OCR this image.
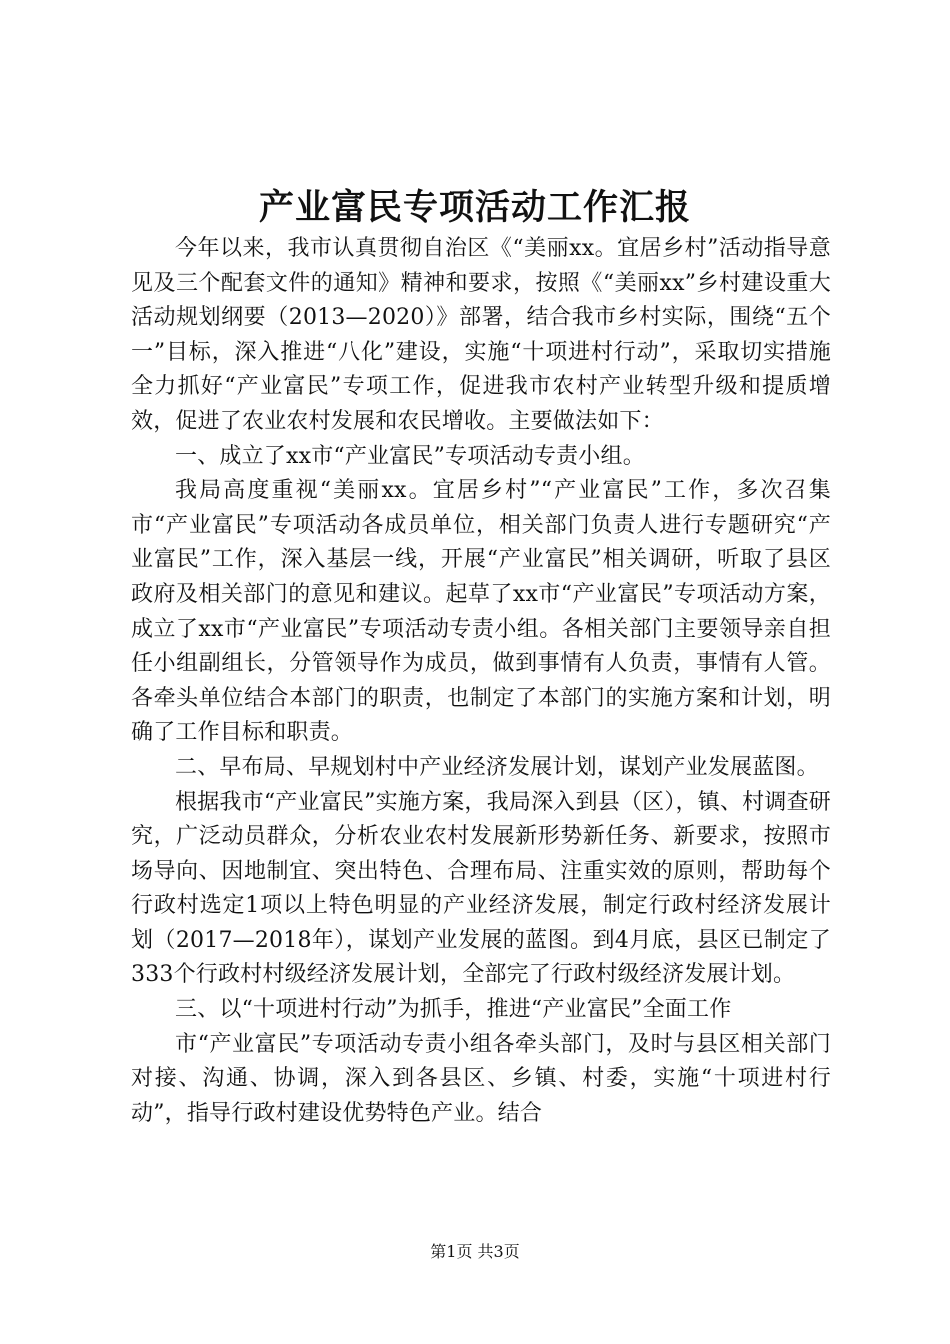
产业富民专项活动工作汇报

今年以来，我市认真贯彻自治区《“美丽xx。宜居乡村”活动指导意见及三个配套文件的通知》精神和要求，按照《“美丽xx”乡村建设重大活动规划纲要（2013—2020）》部署，结合我市乡村实际，围绕“五个一”目标，深入推进“八化”建设，实施“十项进村行动”，采取切实措施全力抓好“产业富民”专项工作，促进我市农村产业转型升级和提质增效，促进了农业农村发展和农民增收。主要做法如下：

一、成立了xx市“产业富民”专项活动专责小组。

我局高度重视“美丽xx。宜居乡村”“产业富民”工作，多次召集市“产业富民”专项活动各成员单位，相关部门负责人进行专题研究“产业富民”工作，深入基层一线，开展“产业富民”相关调研，听取了县区政府及相关部门的意见和建议。起草了xx市“产业富民”专项活动方案，成立了xx市“产业富民”专项活动专责小组。各相关部门主要领导亲自担任小组副组长，分管领导作为成员，做到事情有人负责，事情有人管。各牵头单位结合本部门的职责，也制定了本部门的实施方案和计划，明确了工作目标和职责。

二、早布局、早规划村中产业经济发展计划，谋划产业发展蓝图。

根据我市“产业富民”实施方案，我局深入到县（区），镇、村调查研究，广泛动员群众，分析农业农村发展新形势新任务、新要求，按照市场导向、因地制宜、突出特色、合理布局、注重实效的原则，帮助每个行政村选定1项以上特色明显的产业经济发展，制定行政村经济发展计划（2017—2018年），谋划产业发展的蓝图。到4月底，县区已制定了333个行政村村级经济发展计划，全部完了行政村级经济发展计划。

三、以“十项进村行动”为抓手，推进“产业富民”全面工作

市“产业富民”专项活动专责小组各牵头部门，及时与县区相关部门对接、沟通、协调，深入到各县区、乡镇、村委，实施“十项进村行动”，指导行政村建设优势特色产业。结合

第1页 共3页
